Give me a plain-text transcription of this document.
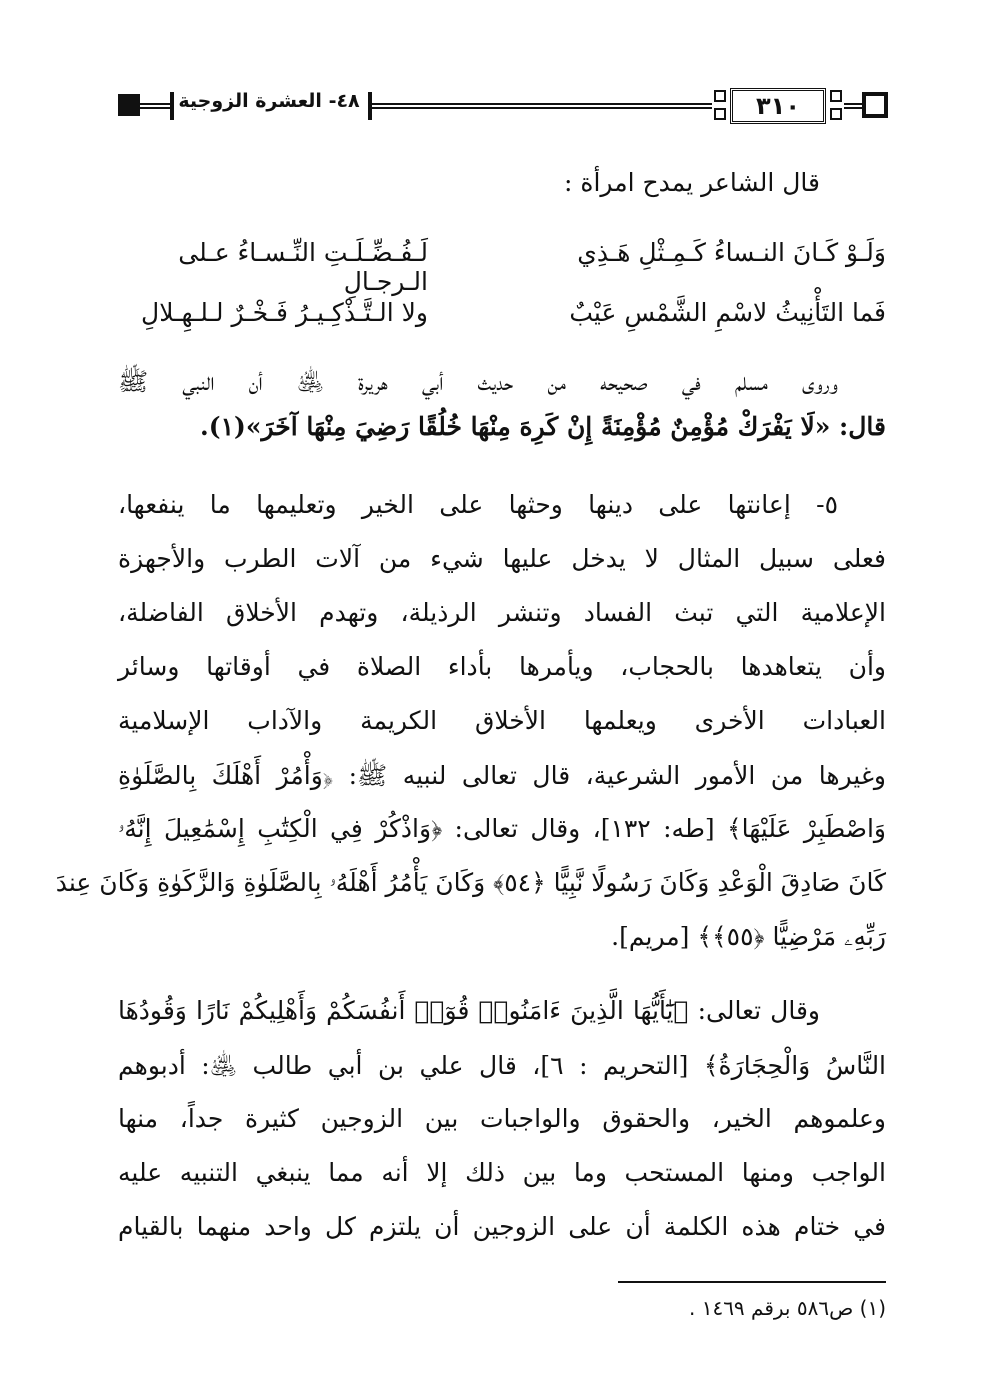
٤٨- العشرة الزوجية	٣١٠
قال الشاعر يمدح امرأة :
وَلَـوْ كَـانَ النـساءُ كَـمِـثْلِ هَـذِي
لَـفُـضِّـلَـتِ النِّـسـاءُ عـلى الـرجـالِ
فَما التَأْنِيثُ لاسْمِ الشَّمْسِ عَيْبٌ
ولا الـتَّـذْكِـيـرُ فَـخْـرٌ لـلـهِـلالِ
وروى مسلم في صحيحه من حديث أبي هريرة ﵁ أن النبي ﷺ
قال: «لَا يَفْرَكْ مُؤْمِنٌ مُؤْمِنَةً إِنْ كَرِهَ مِنْهَا خُلُقًا رَضِيَ مِنْهَا آخَرَ»(١).
٥- إعانتها على دينها وحثها على الخير وتعليمها ما ينفعها،
فعلى سبيل المثال لا يدخل عليها شيء من آلات الطرب والأجهزة
الإعلامية التي تبث الفساد وتنشر الرذيلة، وتهدم الأخلاق الفاضلة،
وأن يتعاهدها بالحجاب، ويأمرها بأداء الصلاة في أوقاتها وسائر
العبادات الأخرى ويعلمها الأخلاق الكريمة والآداب الإسلامية
وغيرها من الأمور الشرعية، قال تعالى لنبيه ﷺ: ﴿وَأْمُرْ أَهْلَكَ بِالصَّلَوٰةِ
وَاصْطَبِرْ عَلَيْهَا﴾ [طه: ١٣٢]، وقال تعالى: ﴿وَاذْكُرْ فِي الْكِتَٰبِ إِسْمَٰعِيلَ إِنَّهُۥ
كَانَ صَادِقَ الْوَعْدِ وَكَانَ رَسُولًا نَّبِيًّا ﴿٥٤﴾ وَكَانَ يَأْمُرُ أَهْلَهُۥ بِالصَّلَوٰةِ وَالزَّكَوٰةِ وَكَانَ عِندَ
رَبِّهِۦ مَرْضِيًّا ﴿٥٥﴾﴾ [مريم].
وقال تعالى: ﴿يَٰٓأَيُّهَا الَّذِينَ ءَامَنُوا۟ قُوٓا۟ أَنفُسَكُمْ وَأَهْلِيكُمْ نَارًا وَقُودُهَا
النَّاسُ وَالْحِجَارَةُ﴾ [التحريم : ٦]، قال علي بن أبي طالب ﵁: أدبوهم
وعلموهم الخير، والحقوق والواجبات بين الزوجين كثيرة جداً، منها
الواجب ومنها المستحب وما بين ذلك إلا أنه مما ينبغي التنبيه عليه
في ختام هذه الكلمة أن على الزوجين أن يلتزم كل واحد منهما بالقيام
(١) ص٥٨٦ برقم ١٤٦٩ .
